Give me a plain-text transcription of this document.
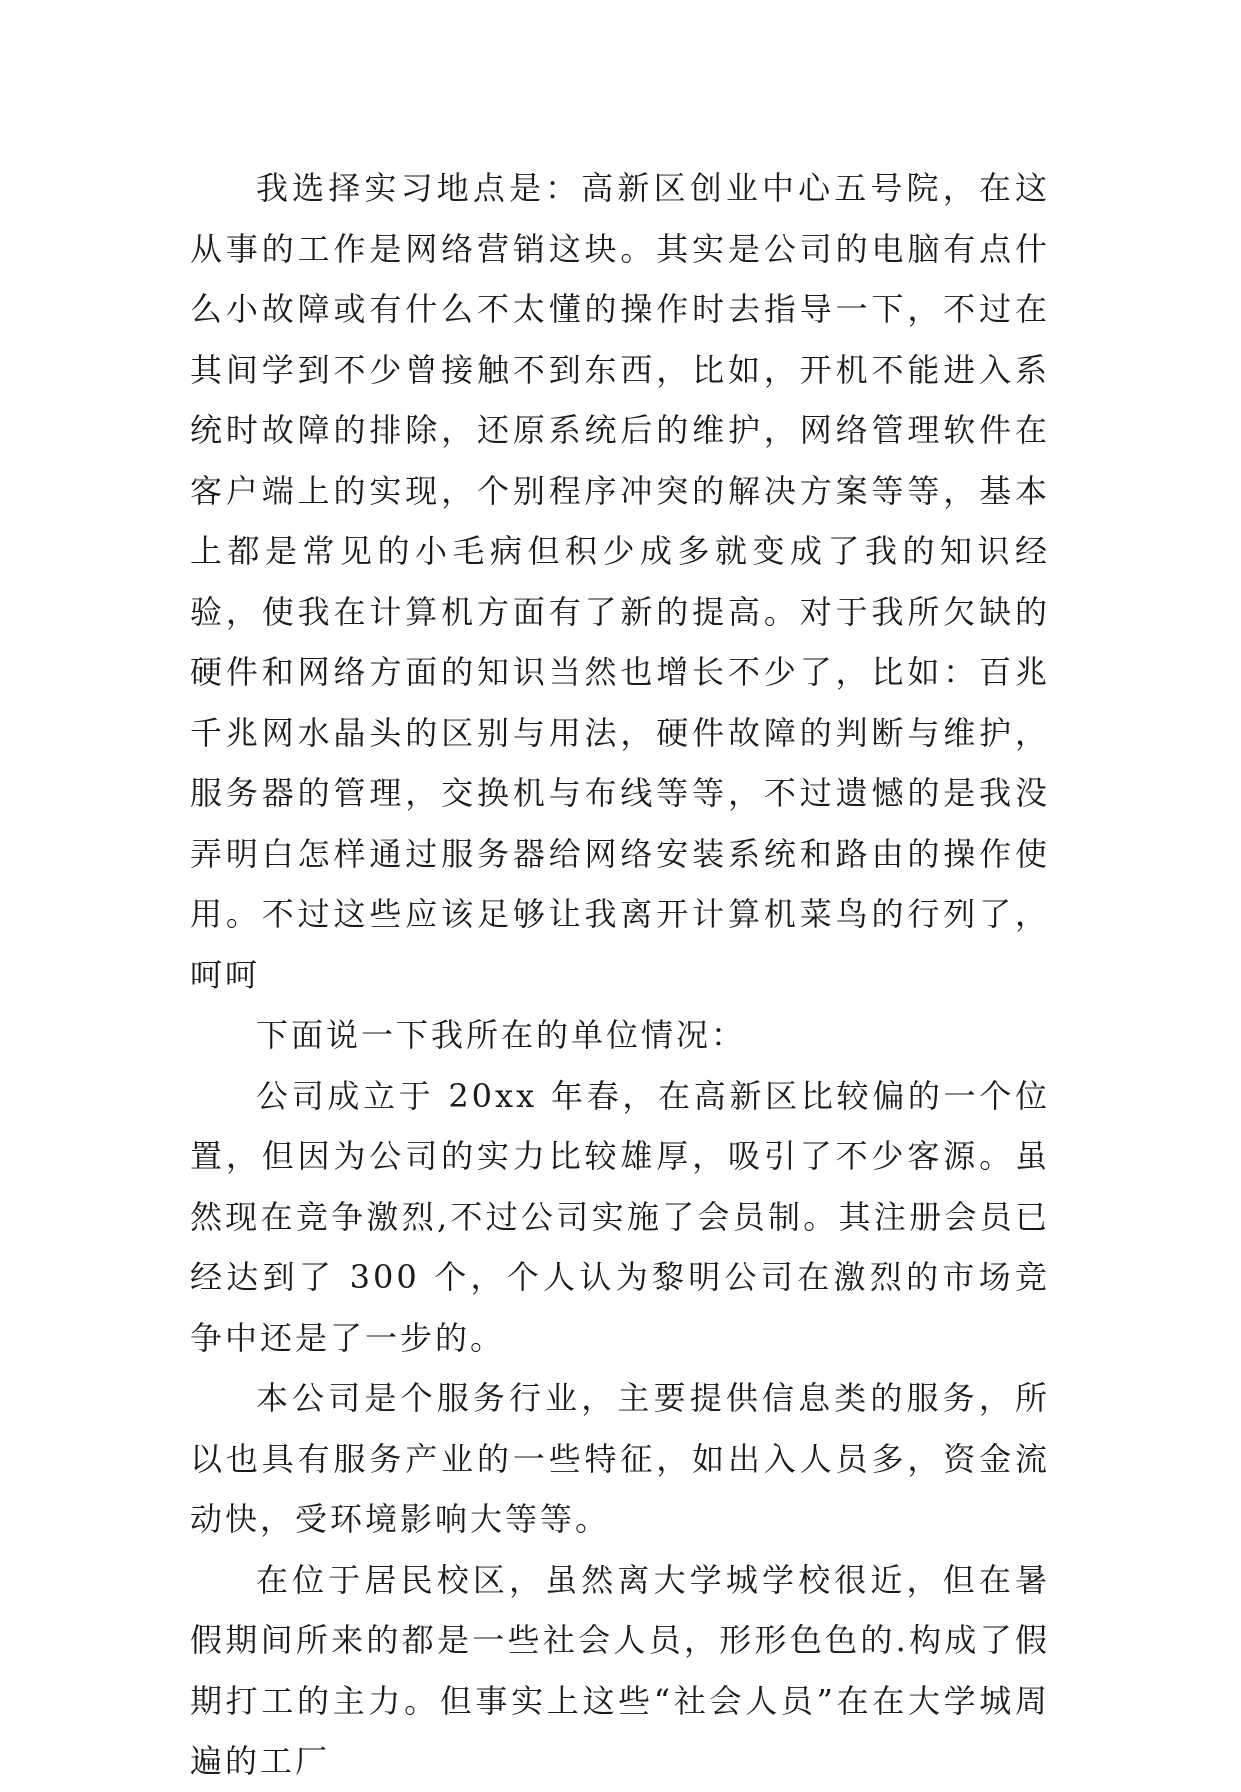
我选择实习地点是：高新区创业中心五号院，在这从事的工作是网络营销这块。其实是公司的电脑有点什么小故障或有什么不太懂的操作时去指导一下，不过在其间学到不少曾接触不到东西，比如，开机不能进入系统时故障的排除，还原系统后的维护，网络管理软件在客户端上的实现，个别程序冲突的解决方案等等，基本上都是常见的小毛病但积少成多就变成了我的知识经验，使我在计算机方面有了新的提高。对于我所欠缺的硬件和网络方面的知识当然也增长不少了，比如：百兆千兆网水晶头的区别与用法，硬件故障的判断与维护，服务器的管理，交换机与布线等等，不过遗憾的是我没弄明白怎样通过服务器给网络安装系统和路由的操作使用。不过这些应该足够让我离开计算机菜鸟的行列了，呵呵

下面说一下我所在的单位情况：

公司成立于 20xx 年春，在高新区比较偏的一个位置，但因为公司的实力比较雄厚，吸引了不少客源。虽然现在竞争激烈,不过公司实施了会员制。其注册会员已经达到了 300 个，个人认为黎明公司在激烈的市场竞争中还是了一步的。

本公司是个服务行业，主要提供信息类的服务，所以也具有服务产业的一些特征，如出入人员多，资金流动快，受环境影响大等等。

在位于居民校区，虽然离大学城学校很近，但在暑假期间所来的都是一些社会人员，形形色色的.构成了假期打工的主力。但事实上这些“社会人员”在在大学城周遍的工厂
